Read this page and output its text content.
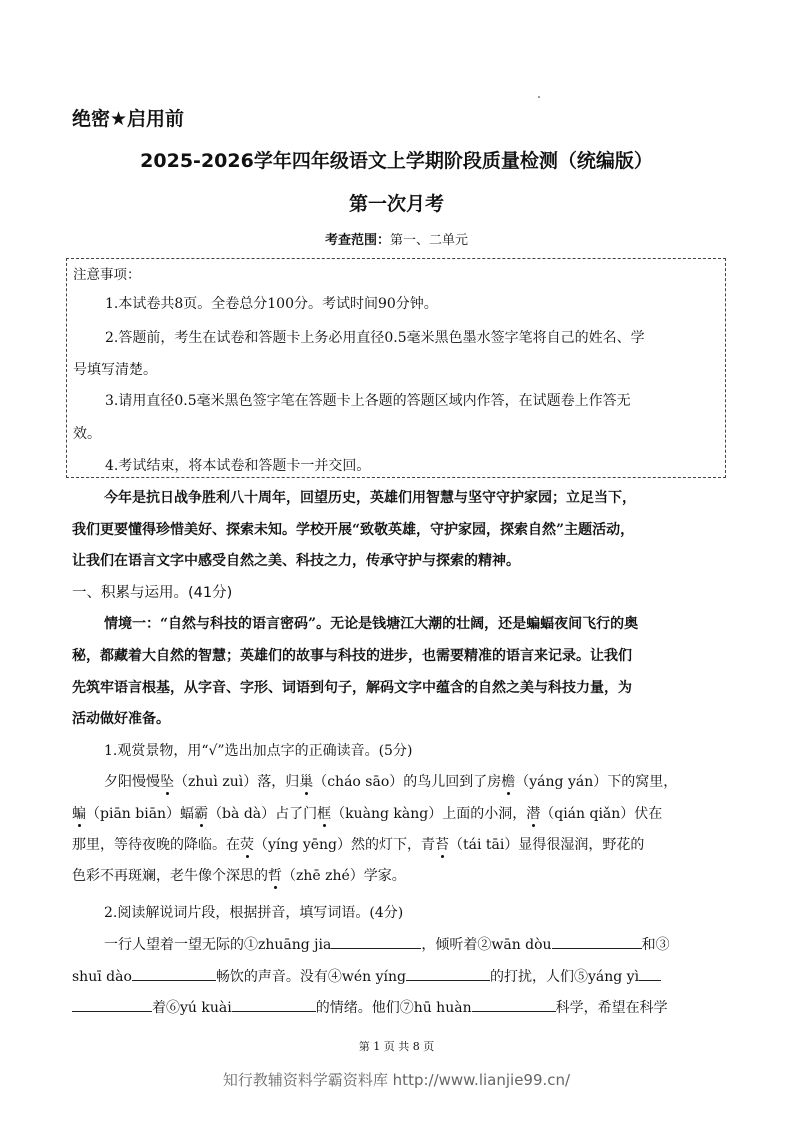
绝密★启用前
2025-2026学年四年级语文上学期阶段质量检测（统编版）
第一次月考
考查范围：第一、二单元
注意事项：
1.本试卷共8页。全卷总分100分。考试时间90分钟。
2.答题前，考生在试卷和答题卡上务必用直径0.5毫米黑色墨水签字笔将自己的姓名、学
号填写清楚。
3.请用直径0.5毫米黑色签字笔在答题卡上各题的答题区域内作答，在试题卷上作答无
效。
4.考试结束，将本试卷和答题卡一并交回。
今年是抗日战争胜利八十周年，回望历史，英雄们用智慧与坚守守护家园；立足当下，
我们更要懂得珍惜美好、探索未知。学校开展“致敬英雄，守护家园，探索自然”主题活动，
让我们在语言文字中感受自然之美、科技之力，传承守护与探索的精神。
一、积累与运用。(41分)
情境一：“自然与科技的语言密码”。无论是钱塘江大潮的壮阔，还是蝙蝠夜间飞行的奥
秘，都藏着大自然的智慧；英雄们的故事与科技的进步，也需要精准的语言来记录。让我们
先筑牢语言根基，从字音、字形、词语到句子，解码文字中蕴含的自然之美与科技力量，为
活动做好准备。
1.观赏景物，用“√”选出加点字的正确读音。(5分)
夕阳慢慢坠（zhuì zuì）落，归巢（cháo sāo）的鸟儿回到了房檐（yáng yán）下的窝里，
蝙（piān biān）蝠霸（bà dà）占了门框（kuàng kàng）上面的小洞，潜（qián qiǎn）伏在
那里，等待夜晚的降临。在荧（yíng yēng）然的灯下，青苔（tái tāi）显得很湿润，野花的
色彩不再斑斓，老牛像个深思的哲（zhē zhé）学家。
2.阅读解说词片段，根据拼音，填写词语。(4分)
一行人望着一望无际的①zhuāng jia	，倾听着②wān dòu	和③
shuī dào	畅饮的声音。没有④wén yíng	的打扰，人们⑤yáng yì
着⑥yú kuài	的情绪。他们⑦hū huàn	科学，希望在科学
第 1 页 共 8 页
知行教辅资料学霸资料库 http://www.lianjie99.cn/
